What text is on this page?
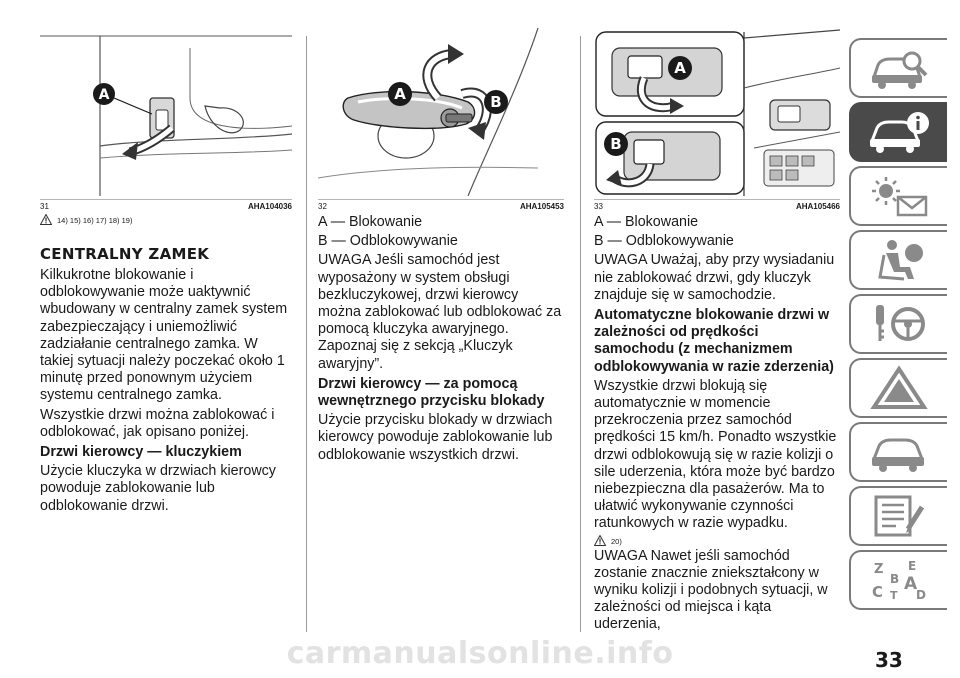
A
31	AHA104036
14) 15) 16) 17) 18) 19)
CENTRALNY ZAMEK

Kilkukrotne blokowanie i odblokowywanie może uaktywnić wbudowany w centralny zamek system zabezpieczający i uniemożliwić zadziałanie centralnego zamka. W takiej sytuacji należy poczekać około 1 minutę przed ponownym użyciem systemu centralnego zamka.

Wszystkie drzwi można zablokować i odblokować, jak opisano poniżej.

Drzwi kierowcy — kluczykiem

Użycie kluczyka w drzwiach kierowcy powoduje zablokowanie lub odblokowanie drzwi.

A	B
32	AHA105453

A — Blokowanie

B — Odblokowywanie

UWAGA Jeśli samochód jest wyposażony w system obsługi bezkluczykowej, drzwi kierowcy można zablokować lub odblokować za pomocą kluczyka awaryjnego. Zapoznaj się z sekcją „Kluczyk awaryjny”.

Drzwi kierowcy — za pomocą wewnętrznego przycisku blokady

Użycie przycisku blokady w drzwiach kierowcy powoduje zablokowanie lub odblokowanie wszystkich drzwi.

A
B
33	AHA105466

A — Blokowanie

B — Odblokowywanie

UWAGA Uważaj, aby przy wysiadaniu nie zablokować drzwi, gdy kluczyk znajduje się w samochodzie.

Automatyczne blokowanie drzwi w zależności od prędkości samochodu (z mechanizmem odblokowywania w razie zderzenia)

Wszystkie drzwi blokują się automatycznie w momencie przekroczenia przez samochód prędkości 15 km/h. Ponadto wszystkie drzwi odblokowują się w razie kolizji o sile uderzenia, która może być bardzo niebezpieczna dla pasażerów. Ma to ułatwić wykonywanie czynności ratunkowych w razie wypadku.

20)

UWAGA Nawet jeśli samochód zostanie znacznie zniekształcony w wyniku kolizji i podobnych sytuacji, w zależności od miejsca i kąta uderzenia,

Z E
B A
C T D
carmanualsonline.info	33
